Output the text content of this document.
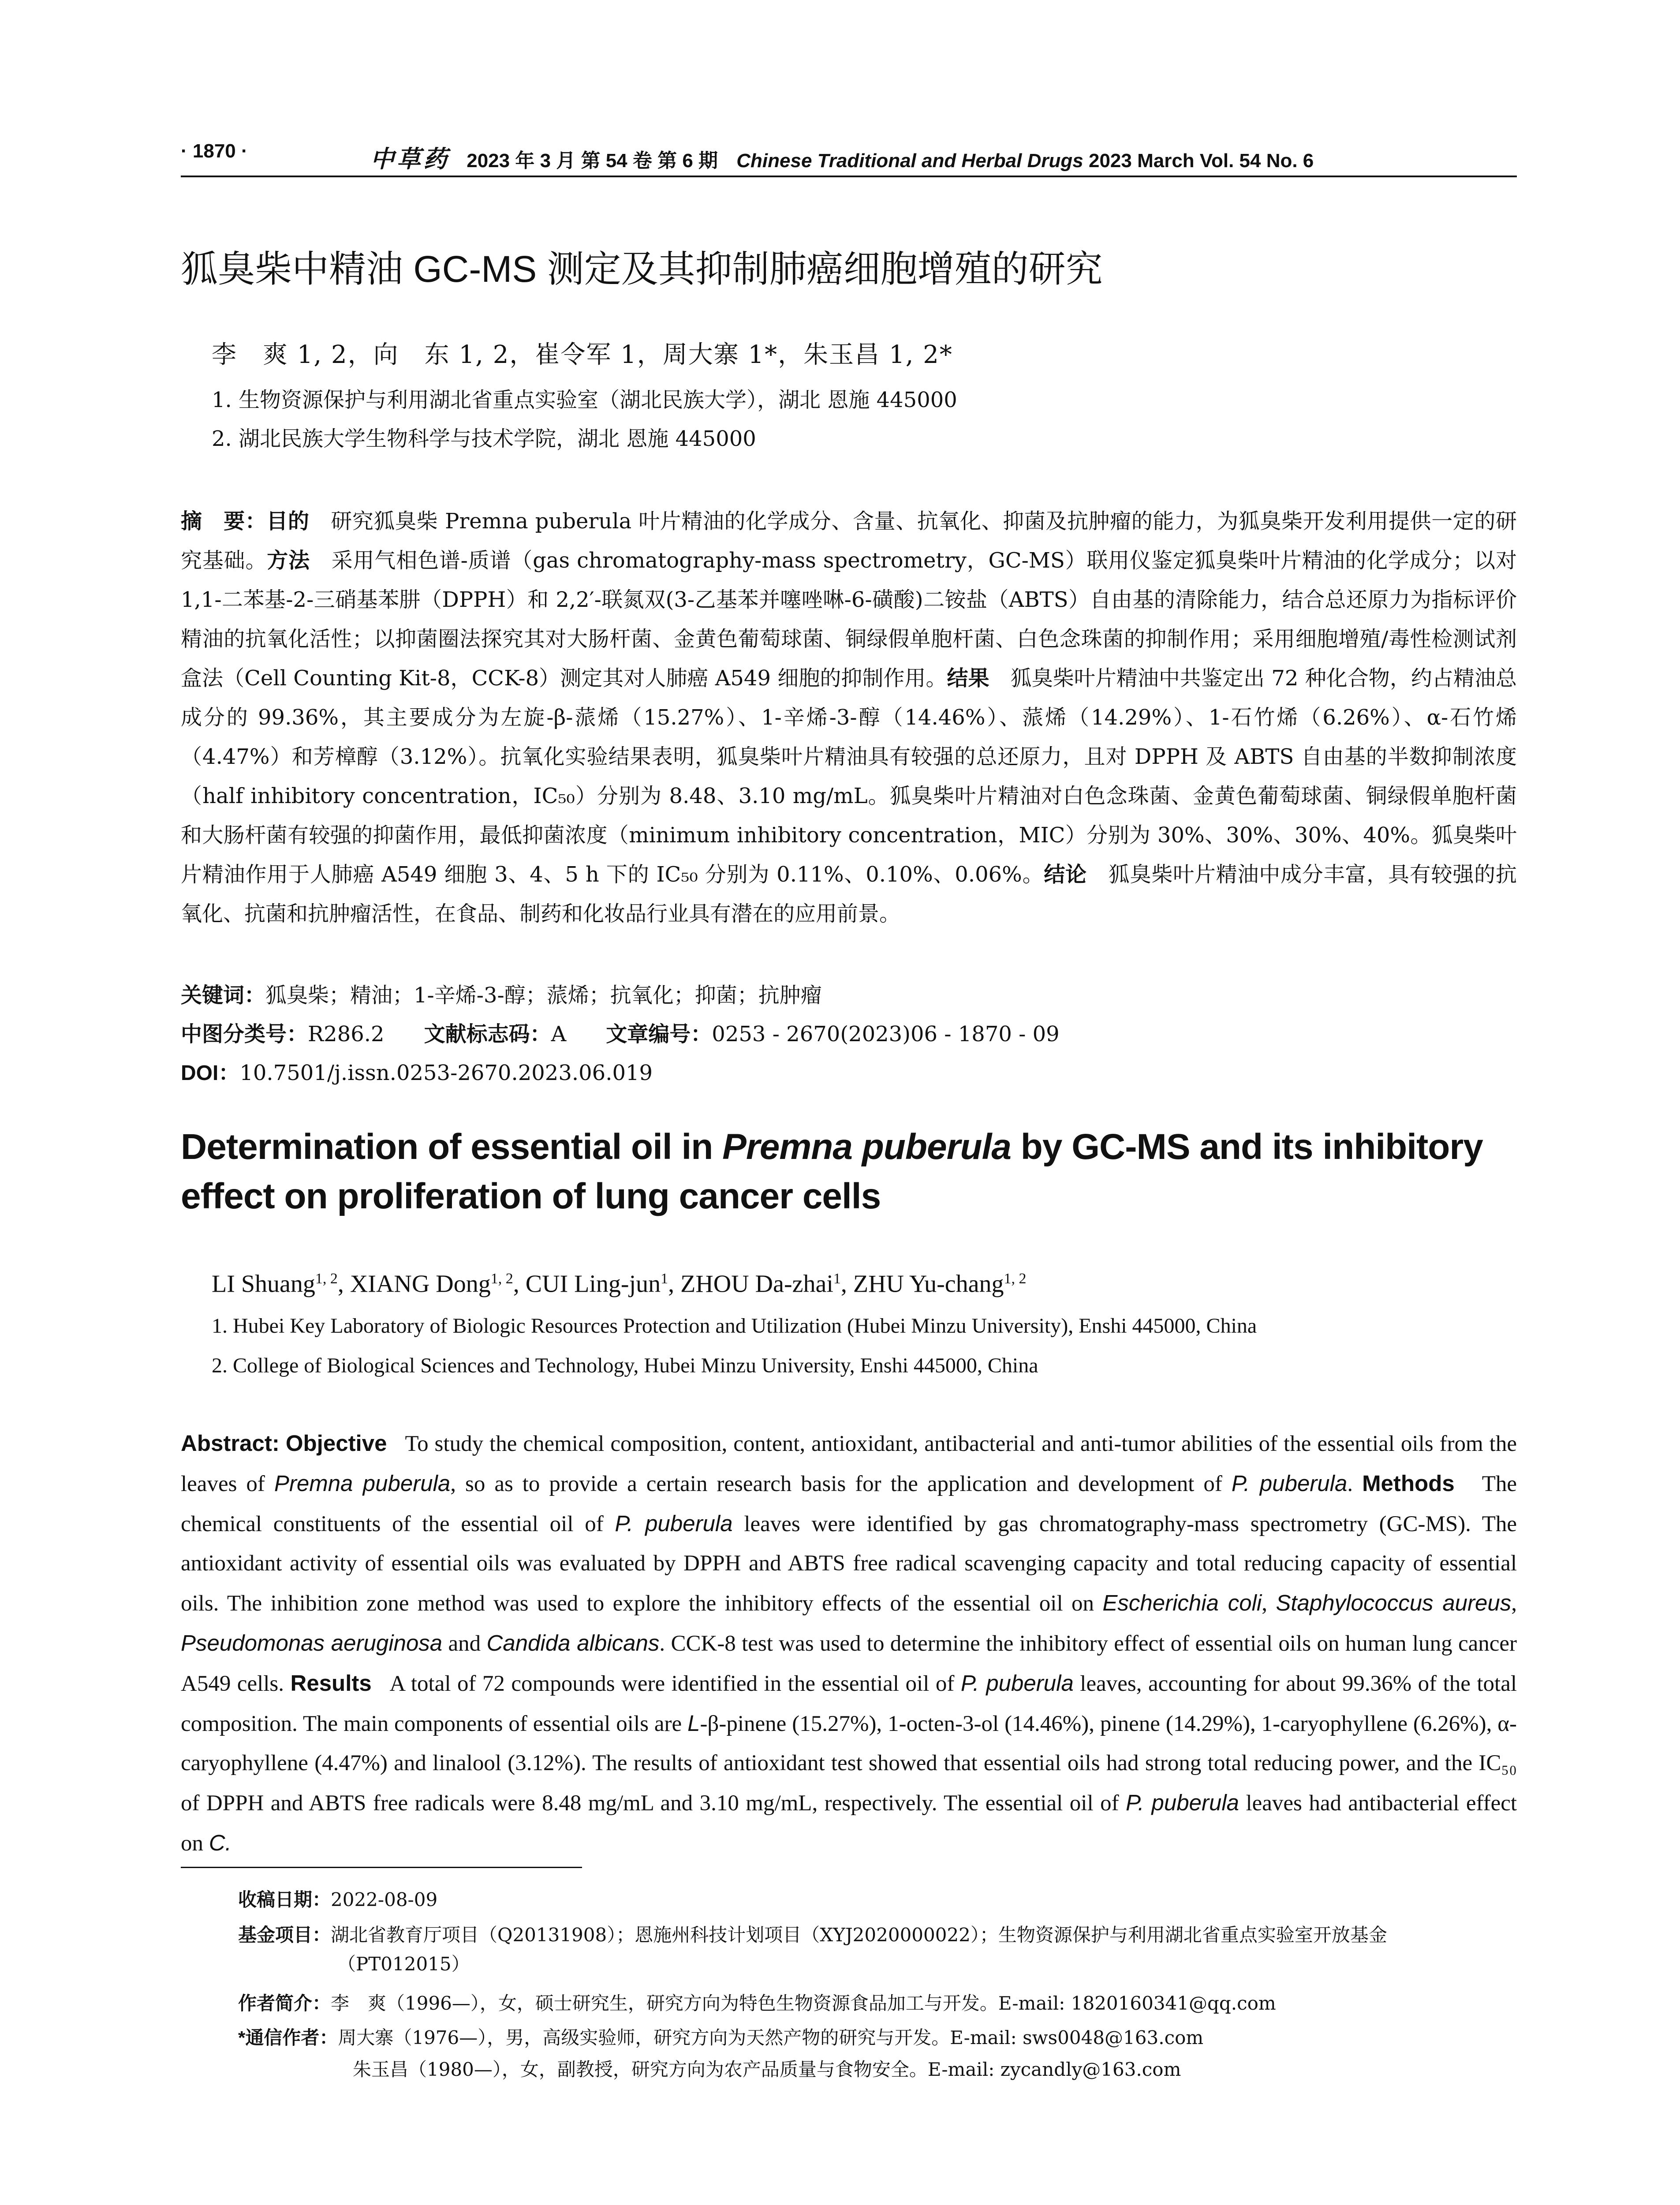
· 1870 ·	中草药 2023 年 3 月 第 54 卷 第 6 期 Chinese Traditional and Herbal Drugs 2023 March Vol. 54 No. 6
狐臭柴中精油 GC-MS 测定及其抑制肺癌细胞增殖的研究
李　爽 1, 2，向　东 1, 2，崔令军 1，周大寨 1*，朱玉昌 1, 2*
1. 生物资源保护与利用湖北省重点实验室（湖北民族大学），湖北 恩施 445000
2. 湖北民族大学生物科学与技术学院，湖北 恩施 445000
摘　要：目的　 研究狐臭柴 Premna puberula 叶片精油的化学成分、含量、抗氧化、抑菌及抗肿瘤的能力，为狐臭柴开发利用提供一定的研究基础。方法　 采用气相色谱-质谱（gas chromatography-mass spectrometry，GC-MS）联用仪鉴定狐臭柴叶片精油的化学成分；以对 1,1-二苯基-2-三硝基苯肼（DPPH）和 2,2′-联氮双(3-乙基苯并噻唑啉-6-磺酸)二铵盐（ABTS）自由基的清除能力，结合总还原力为指标评价精油的抗氧化活性；以抑菌圈法探究其对大肠杆菌、金黄色葡萄球菌、铜绿假单胞杆菌、白色念珠菌的抑制作用；采用细胞增殖/毒性检测试剂盒法（Cell Counting Kit-8，CCK-8）测定其对人肺癌 A549 细胞的抑制作用。结果　 狐臭柴叶片精油中共鉴定出 72 种化合物，约占精油总成分的 99.36%，其主要成分为左旋-β-蒎烯（15.27%）、1-辛烯-3-醇（14.46%）、蒎烯（14.29%）、1-石竹烯（6.26%）、α-石竹烯（4.47%）和芳樟醇（3.12%）。抗氧化实验结果表明，狐臭柴叶片精油具有较强的总还原力，且对 DPPH 及 ABTS 自由基的半数抑制浓度（half inhibitory concentration，IC₅₀）分别为 8.48、3.10 mg/mL。狐臭柴叶片精油对白色念珠菌、金黄色葡萄球菌、铜绿假单胞杆菌和大肠杆菌有较强的抑菌作用，最低抑菌浓度（minimum inhibitory concentration，MIC）分别为 30%、30%、30%、40%。狐臭柴叶片精油作用于人肺癌 A549 细胞 3、4、5 h 下的 IC₅₀ 分别为 0.11%、0.10%、0.06%。结论　 狐臭柴叶片精油中成分丰富，具有较强的抗氧化、抗菌和抗肿瘤活性，在食品、制药和化妆品行业具有潜在的应用前景。
关键词：狐臭柴；精油；1-辛烯-3-醇；蒎烯；抗氧化；抑菌；抗肿瘤
中图分类号：R286.2 文献标志码：A 文章编号：0253 - 2670(2023)06 - 1870 - 09
DOI：10.7501/j.issn.0253-2670.2023.06.019
Determination of essential oil in Premna puberula by GC-MS and its inhibitory effect on proliferation of lung cancer cells
LI Shuang$^{1, 2}$, XIANG Dong$^{1, 2}$, CUI Ling-jun$^1$, ZHOU Da-zhai$^1$, ZHU Yu-chang$^{1, 2}$
1. Hubei Key Laboratory of Biologic Resources Protection and Utilization (Hubei Minzu University), Enshi 445000, China
2. College of Biological Sciences and Technology, Hubei Minzu University, Enshi 445000, China
Abstract: Objective To study the chemical composition, content, antioxidant, antibacterial and anti-tumor abilities of the essential oils from the leaves of Premna puberula, so as to provide a certain research basis for the application and development of P. puberula. Methods The chemical constituents of the essential oil of P. puberula leaves were identified by gas chromatography-mass spectrometry (GC-MS). The antioxidant activity of essential oils was evaluated by DPPH and ABTS free radical scavenging capacity and total reducing capacity of essential oils. The inhibition zone method was used to explore the inhibitory effects of the essential oil on Escherichia coli, Staphylococcus aureus, Pseudomonas aeruginosa and Candida albicans. CCK-8 test was used to determine the inhibitory effect of essential oils on human lung cancer A549 cells. Results A total of 72 compounds were identified in the essential oil of P. puberula leaves, accounting for about 99.36% of the total composition. The main components of essential oils are L-β-pinene (15.27%), 1-octen-3-ol (14.46%), pinene (14.29%), 1-caryophyllene (6.26%), α-caryophyllene (4.47%) and linalool (3.12%). The results of antioxidant test showed that essential oils had strong total reducing power, and the IC₅₀ of DPPH and ABTS free radicals were 8.48 mg/mL and 3.10 mg/mL, respectively. The essential oil of P. puberula leaves had antibacterial effect on C.
收稿日期：2022-08-09
基金项目：湖北省教育厅项目（Q20131908）；恩施州科技计划项目（XYJ2020000022）；生物资源保护与利用湖北省重点实验室开放基金
（PT012015）
作者简介：李　爽（1996—），女，硕士研究生，研究方向为特色生物资源食品加工与开发。E-mail: 1820160341@qq.com
*通信作者：周大寨（1976—），男，高级实验师，研究方向为天然产物的研究与开发。E-mail: sws0048@163.com
朱玉昌（1980—），女，副教授，研究方向为农产品质量与食物安全。E-mail: zycandly@163.com
